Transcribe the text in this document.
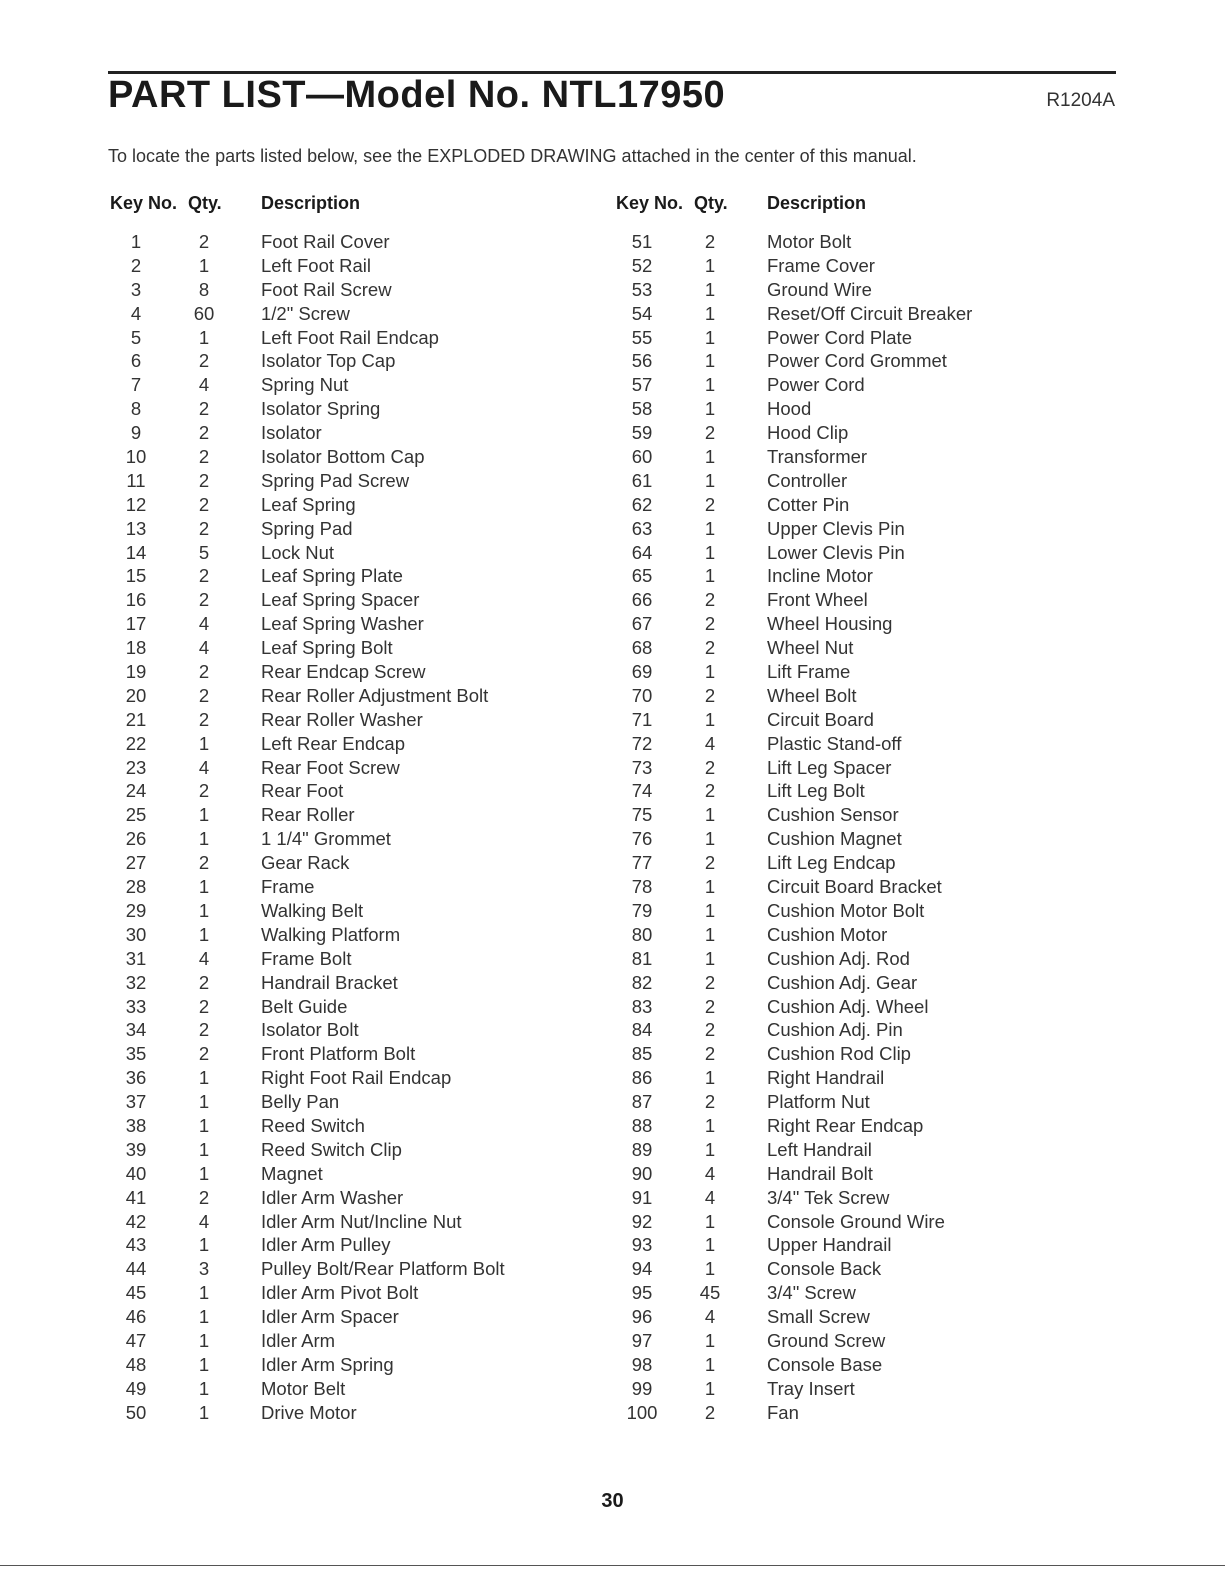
PART LIST—Model No. NTL17950	R1204A
To locate the parts listed below, see the EXPLODED DRAWING attached in the center of this manual.
Key No. Qty. Description
1	2	Foot Rail Cover
2	1	Left Foot Rail
3	8	Foot Rail Screw
4	60	1/2" Screw
5	1	Left Foot Rail Endcap
6	2	Isolator Top Cap
7	4	Spring Nut
8	2	Isolator Spring
9	2	Isolator
10	2	Isolator Bottom Cap
11	2	Spring Pad Screw
12	2	Leaf Spring
13	2	Spring Pad
14	5	Lock Nut
15	2	Leaf Spring Plate
16	2	Leaf Spring Spacer
17	4	Leaf Spring Washer
18	4	Leaf Spring Bolt
19	2	Rear Endcap Screw
20	2	Rear Roller Adjustment Bolt
21	2	Rear Roller Washer
22	1	Left Rear Endcap
23	4	Rear Foot Screw
24	2	Rear Foot
25	1	Rear Roller
26	1	1 1/4" Grommet
27	2	Gear Rack
28	1	Frame
29	1	Walking Belt
30	1	Walking Platform
31	4	Frame Bolt
32	2	Handrail Bracket
33	2	Belt Guide
34	2	Isolator Bolt
35	2	Front Platform Bolt
36	1	Right Foot Rail Endcap
37	1	Belly Pan
38	1	Reed Switch
39	1	Reed Switch Clip
40	1	Magnet
41	2	Idler Arm Washer
42	4	Idler Arm Nut/Incline Nut
43	1	Idler Arm Pulley
44	3	Pulley Bolt/Rear Platform Bolt
45	1	Idler Arm Pivot Bolt
46	1	Idler Arm Spacer
47	1	Idler Arm
48	1	Idler Arm Spring
49	1	Motor Belt
50	1	Drive Motor
Key No. Qty. Description
51	2	Motor Bolt
52	1	Frame Cover
53	1	Ground Wire
54	1	Reset/Off Circuit Breaker
55	1	Power Cord Plate
56	1	Power Cord Grommet
57	1	Power Cord
58	1	Hood
59	2	Hood Clip
60	1	Transformer
61	1	Controller
62	2	Cotter Pin
63	1	Upper Clevis Pin
64	1	Lower Clevis Pin
65	1	Incline Motor
66	2	Front Wheel
67	2	Wheel Housing
68	2	Wheel Nut
69	1	Lift Frame
70	2	Wheel Bolt
71	1	Circuit Board
72	4	Plastic Stand-off
73	2	Lift Leg Spacer
74	2	Lift Leg Bolt
75	1	Cushion Sensor
76	1	Cushion Magnet
77	2	Lift Leg Endcap
78	1	Circuit Board Bracket
79	1	Cushion Motor Bolt
80	1	Cushion Motor
81	1	Cushion Adj. Rod
82	2	Cushion Adj. Gear
83	2	Cushion Adj. Wheel
84	2	Cushion Adj. Pin
85	2	Cushion Rod Clip
86	1	Right Handrail
87	2	Platform Nut
88	1	Right Rear Endcap
89	1	Left Handrail
90	4	Handrail Bolt
91	4	3/4" Tek Screw
92	1	Console Ground Wire
93	1	Upper Handrail
94	1	Console Back
95	45	3/4" Screw
96	4	Small Screw
97	1	Ground Screw
98	1	Console Base
99	1	Tray Insert
100	2	Fan
30
